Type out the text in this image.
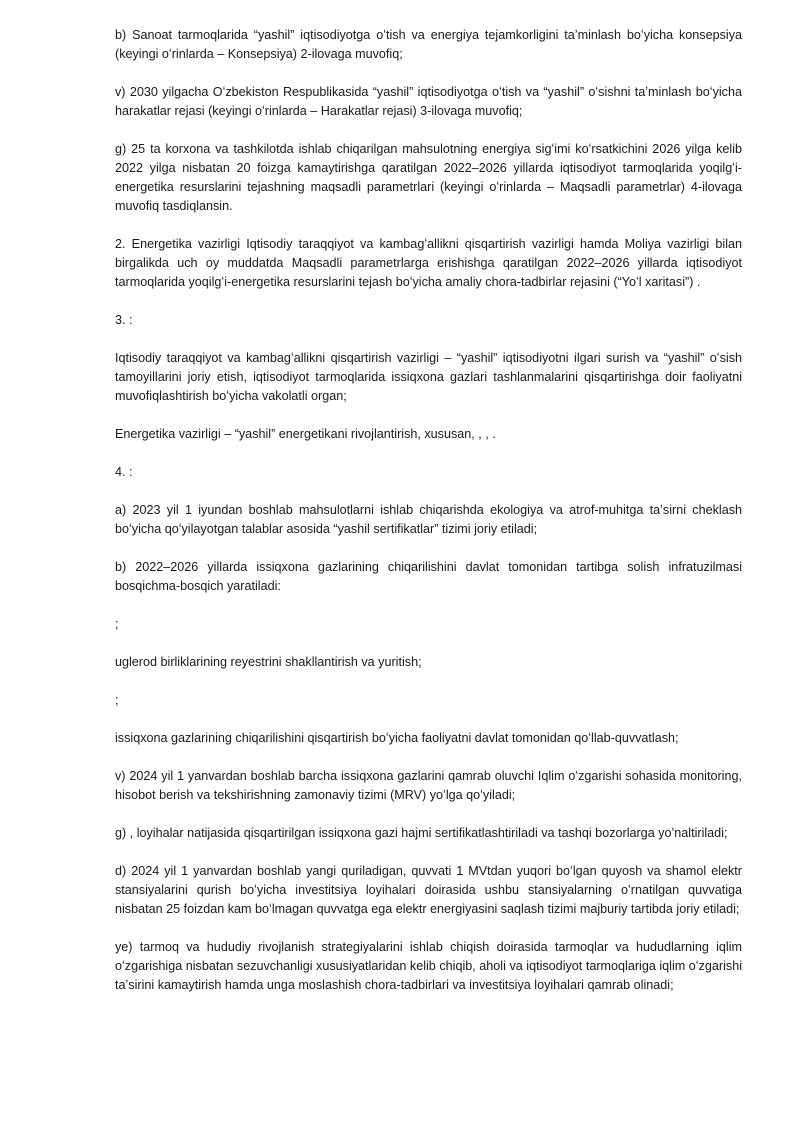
b) Sanoat tarmoqlarida “yashil” iqtisodiyotga oʻtish va energiya tejamkorligini taʼminlash boʻyicha konsepsiya (keyingi oʻrinlarda – Konsepsiya) 2-ilovaga muvofiq;

v) 2030 yilgacha Oʻzbekiston Respublikasida “yashil” iqtisodiyotga oʻtish va “yashil” oʻsishni taʼminlash boʻyicha harakatlar rejasi (keyingi oʻrinlarda – Harakatlar rejasi) 3-ilovaga muvofiq;

g) 25 ta korxona va tashkilotda ishlab chiqarilgan mahsulotning energiya sigʻimi koʻrsatkichini 2026 yilga kelib 2022 yilga nisbatan 20 foizga kamaytirishga qaratilgan 2022–2026 yillarda iqtisodiyot tarmoqlarida yoqilgʻi-energetika resurslarini tejashning maqsadli parametrlari (keyingi oʻrinlarda – Maqsadli parametrlar) 4-ilovaga muvofiq tasdiqlansin.

2. Energetika vazirligi Iqtisodiy taraqqiyot va kambagʻallikni qisqartirish vazirligi hamda Moliya vazirligi bilan birgalikda uch oy muddatda Maqsadli parametrlarga erishishga qaratilgan 2022–2026 yillarda iqtisodiyot tarmoqlarida yoqilgʻi-energetika resurslarini tejash boʻyicha amaliy chora-tadbirlar rejasini (“Yoʻl xaritasi”) .

3. :

Iqtisodiy taraqqiyot va kambagʻallikni qisqartirish vazirligi – “yashil” iqtisodiyotni ilgari surish va “yashil” oʻsish tamoyillarini joriy etish, iqtisodiyot tarmoqlarida issiqxona gazlari tashlanmalarini qisqartirishga doir faoliyatni muvofiqlashtirish boʻyicha vakolatli organ;

Energetika vazirligi – “yashil” energetikani rivojlantirish, xususan, , , .

4. :

a) 2023 yil 1 iyundan boshlab mahsulotlarni ishlab chiqarishda ekologiya va atrof-muhitga taʼsirni cheklash boʻyicha qoʻyilayotgan talablar asosida “yashil sertifikatlar” tizimi joriy etiladi;

b) 2022–2026 yillarda issiqxona gazlarining chiqarilishini davlat tomonidan tartibga solish infratuzilmasi bosqichma-bosqich yaratiladi:

;

uglerod birliklarining reyestrini shakllantirish va yuritish;

;

issiqxona gazlarining chiqarilishini qisqartirish boʻyicha faoliyatni davlat tomonidan qoʻllab-quvvatlash;

v) 2024 yil 1 yanvardan boshlab barcha issiqxona gazlarini qamrab oluvchi Iqlim oʻzgarishi sohasida monitoring, hisobot berish va tekshirishning zamonaviy tizimi (MRV) yoʻlga qoʻyiladi;

g) , loyihalar natijasida qisqartirilgan issiqxona gazi hajmi sertifikatlashtiriladi va tashqi bozorlarga yoʻnaltiriladi;

d) 2024 yil 1 yanvardan boshlab yangi quriladigan, quvvati 1 MVtdan yuqori boʻlgan quyosh va shamol elektr stansiyalarini qurish boʻyicha investitsiya loyihalari doirasida ushbu stansiyalarning oʻrnatilgan quvvatiga nisbatan 25 foizdan kam boʻlmagan quvvatga ega elektr energiyasini saqlash tizimi majburiy tartibda joriy etiladi;

ye) tarmoq va hududiy rivojlanish strategiyalarini ishlab chiqish doirasida tarmoqlar va hududlarning iqlim oʻzgarishiga nisbatan sezuvchanligi xususiyatlaridan kelib chiqib, aholi va iqtisodiyot tarmoqlariga iqlim oʻzgarishi taʼsirini kamaytirish hamda unga moslashish chora-tadbirlari va investitsiya loyihalari qamrab olinadi;
